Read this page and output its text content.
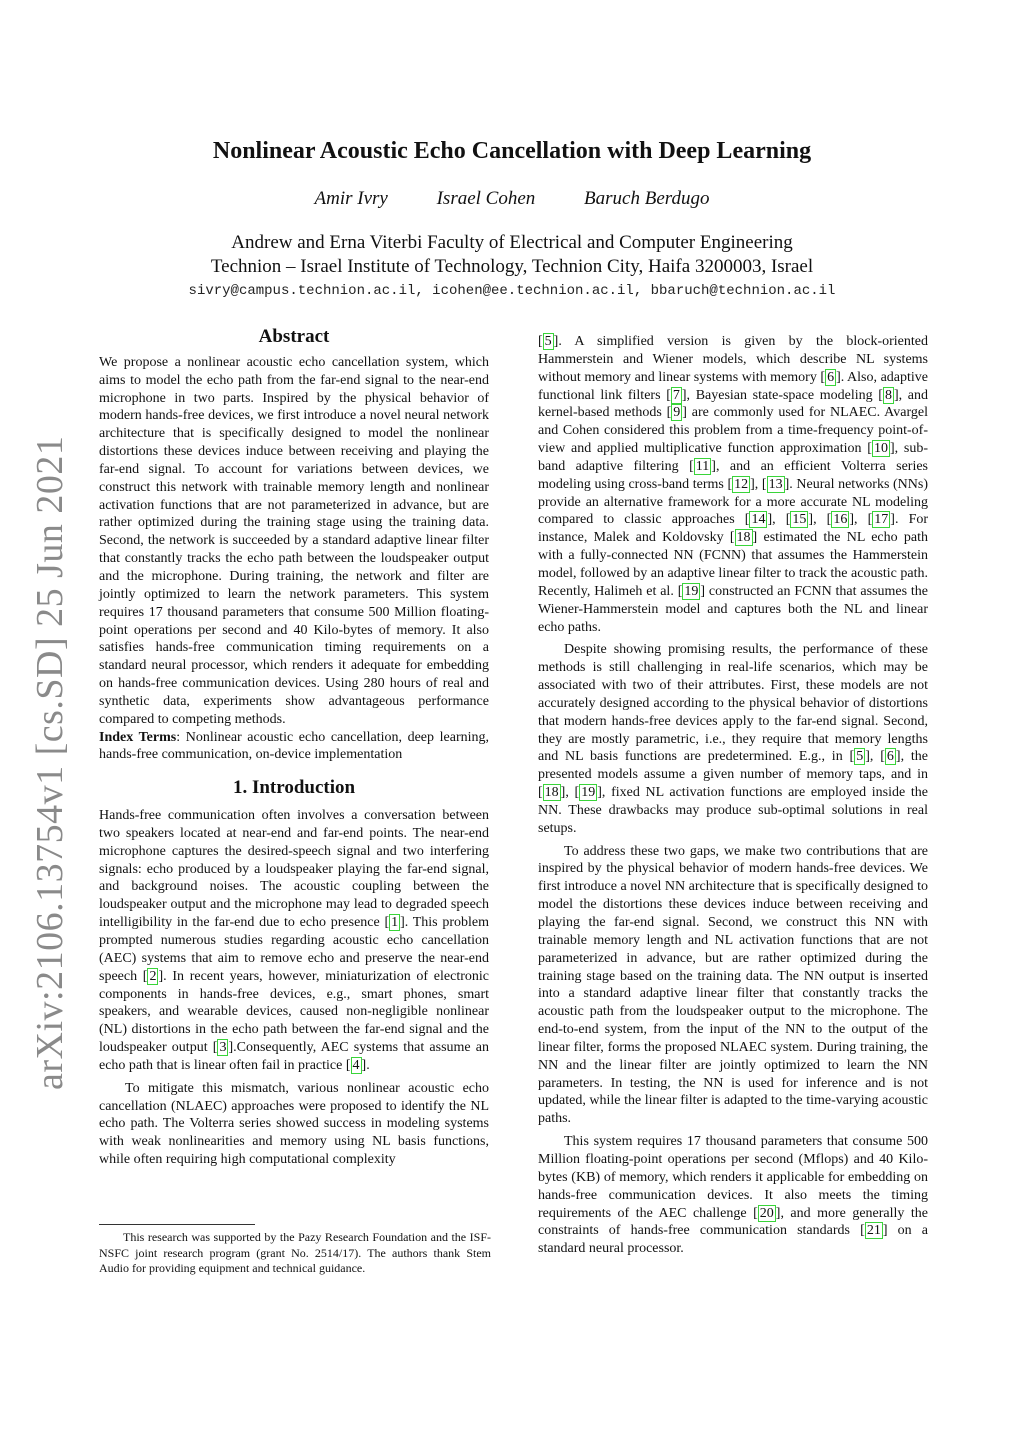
arXiv:2106.13754v1 [cs.SD] 25 Jun 2021
Nonlinear Acoustic Echo Cancellation with Deep Learning
Amir Ivry	Israel Cohen	Baruch Berdugo
Andrew and Erna Viterbi Faculty of Electrical and Computer Engineering
Technion – Israel Institute of Technology, Technion City, Haifa 3200003, Israel
sivry@campus.technion.ac.il, icohen@ee.technion.ac.il, bbaruch@technion.ac.il
Abstract

We propose a nonlinear acoustic echo cancellation system, which aims to model the echo path from the far-end signal to the near-end microphone in two parts. Inspired by the physical behavior of modern hands-free devices, we first introduce a novel neural network architecture that is specifically designed to model the nonlinear distortions these devices induce between receiving and playing the far-end signal. To account for variations between devices, we construct this network with trainable memory length and nonlinear activation functions that are not parameterized in advance, but are rather optimized during the training stage using the training data. Second, the network is succeeded by a standard adaptive linear filter that constantly tracks the echo path between the loudspeaker output and the microphone. During training, the network and filter are jointly optimized to learn the network parameters. This system requires 17 thousand parameters that consume 500 Million floating-point operations per second and 40 Kilo-bytes of memory. It also satisfies hands-free communication timing requirements on a standard neural processor, which renders it adequate for embedding on hands-free communication devices. Using 280 hours of real and synthetic data, experiments show advantageous performance compared to competing methods.

Index Terms: Nonlinear acoustic echo cancellation, deep learning, hands-free communication, on-device implementation

1. Introduction

Hands-free communication often involves a conversation between two speakers located at near-end and far-end points. The near-end microphone captures the desired-speech signal and two interfering signals: echo produced by a loudspeaker playing the far-end signal, and background noises. The acoustic coupling between the loudspeaker output and the microphone may lead to degraded speech intelligibility in the far-end due to echo presence [ 1 ]. This problem prompted numerous studies regarding acoustic echo cancellation (AEC) systems that aim to remove echo and preserve the near-end speech [ 2 ]. In recent years, however, miniaturization of electronic components in hands-free devices, e.g., smart phones, smart speakers, and wearable devices, caused non-negligible nonlinear (NL) distortions in the echo path between the far-end signal and the loudspeaker output [ 3 ].Consequently, AEC systems that assume an echo path that is linear often fail in practice [ 4 ].

To mitigate this mismatch, various nonlinear acoustic echo cancellation (NLAEC) approaches were proposed to identify the NL echo path. The Volterra series showed success in modeling systems with weak nonlinearities and memory using NL basis functions, while often requiring high computational complexity

This research was supported by the Pazy Research Foundation and the ISF-NSFC joint research program (grant No. 2514/17). The authors thank Stem Audio for providing equipment and technical guidance.

[ 5 ]. A simplified version is given by the block-oriented Hammerstein and Wiener models, which describe NL systems without memory and linear systems with memory [ 6 ]. Also, adaptive functional link filters [ 7 ], Bayesian state-space modeling [ 8 ], and kernel-based methods [ 9 ] are commonly used for NLAEC. Avargel and Cohen considered this problem from a time-frequency point-of-view and applied multiplicative function approximation [ 10 ], sub-band adaptive filtering [ 11 ], and an efficient Volterra series modeling using cross-band terms [ 12 ], [ 13 ]. Neural networks (NNs) provide an alternative framework for a more accurate NL modeling compared to classic approaches [ 14 ], [ 15 ], [ 16 ], [ 17 ]. For instance, Malek and Koldovsky [ 18 ] estimated the NL echo path with a fully-connected NN (FCNN) that assumes the Hammerstein model, followed by an adaptive linear filter to track the acoustic path. Recently, Halimeh et al. [ 19 ] constructed an FCNN that assumes the Wiener-Hammerstein model and captures both the NL and linear echo paths.

Despite showing promising results, the performance of these methods is still challenging in real-life scenarios, which may be associated with two of their attributes. First, these models are not accurately designed according to the physical behavior of distortions that modern hands-free devices apply to the far-end signal. Second, they are mostly parametric, i.e., they require that memory lengths and NL basis functions are predetermined. E.g., in [ 5 ], [ 6 ], the presented models assume a given number of memory taps, and in [ 18 ], [ 19 ], fixed NL activation functions are employed inside the NN. These drawbacks may produce sub-optimal solutions in real setups.

To address these two gaps, we make two contributions that are inspired by the physical behavior of modern hands-free devices. We first introduce a novel NN architecture that is specifically designed to model the distortions these devices induce between receiving and playing the far-end signal. Second, we construct this NN with trainable memory length and NL activation functions that are not parameterized in advance, but are rather optimized during the training stage based on the training data. The NN output is inserted into a standard adaptive linear filter that constantly tracks the acoustic path from the loudspeaker output to the microphone. The end-to-end system, from the input of the NN to the output of the linear filter, forms the proposed NLAEC system. During training, the NN and the linear filter are jointly optimized to learn the NN parameters. In testing, the NN is used for inference and is not updated, while the linear filter is adapted to the time-varying acoustic paths.

This system requires 17 thousand parameters that consume 500 Million floating-point operations per second (Mflops) and 40 Kilo-bytes (KB) of memory, which renders it applicable for embedding on hands-free communication devices. It also meets the timing requirements of the AEC challenge [ 20 ], and more generally the constraints of hands-free communication standards [ 21 ] on a standard neural processor.
